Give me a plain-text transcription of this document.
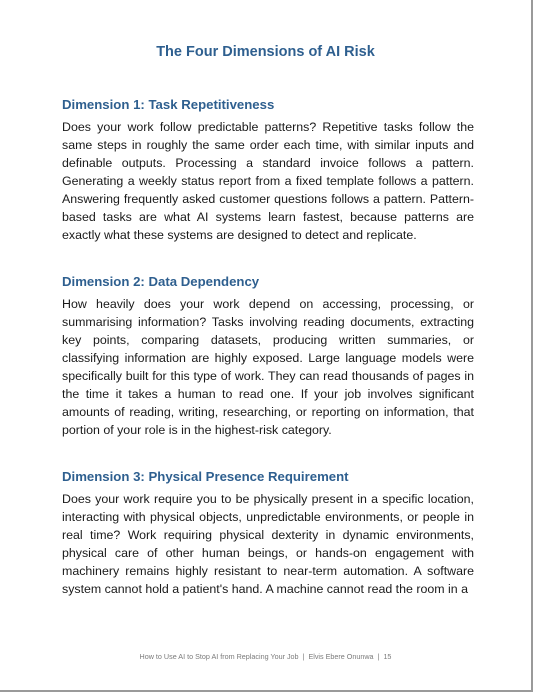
The Four Dimensions of AI Risk
Dimension 1: Task Repetitiveness

Does your work follow predictable patterns? Repetitive tasks follow the same steps in roughly the same order each time, with similar inputs and definable outputs. Processing a standard invoice follows a pattern. Generating a weekly status report from a fixed template follows a pattern. Answering frequently asked customer questions follows a pattern. Pattern-based tasks are what AI systems learn fastest, because patterns are exactly what these systems are designed to detect and replicate.

Dimension 2: Data Dependency

How heavily does your work depend on accessing, processing, or summarising information? Tasks involving reading documents, extracting key points, comparing datasets, producing written summaries, or classifying information are highly exposed. Large language models were specifically built for this type of work. They can read thousands of pages in the time it takes a human to read one. If your job involves significant amounts of reading, writing, researching, or reporting on information, that portion of your role is in the highest-risk category.

Dimension 3: Physical Presence Requirement

Does your work require you to be physically present in a specific location, interacting with physical objects, unpredictable environments, or people in real time? Work requiring physical dexterity in dynamic environments, physical care of other human beings, or hands-on engagement with machinery remains highly resistant to near-term automation. A software system cannot hold a patient's hand. A machine cannot read the room in a

How to Use AI to Stop AI from Replacing Your Job | Elvis Ebere Onunwa | 15
